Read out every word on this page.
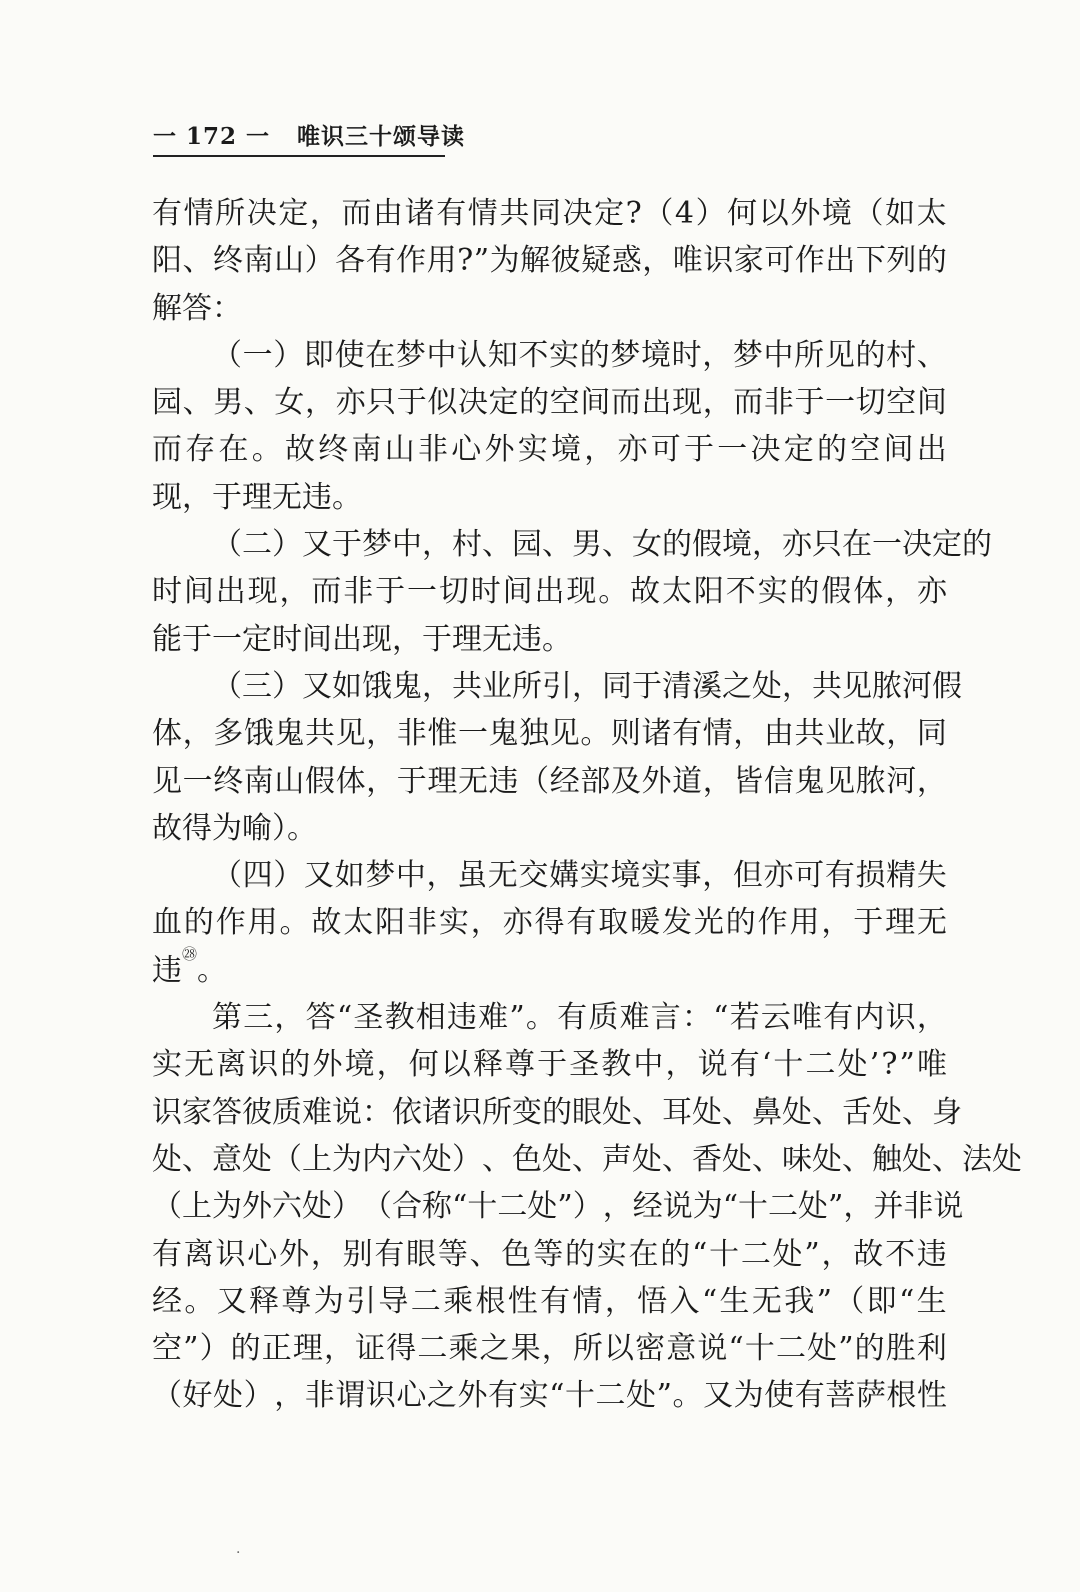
一 172 一 唯识三十颂导读
有 情 所 决 定 ， 而 由 诸 有 情 共 同 决 定 ? （ 4 ） 何 以 外 境 （ 如 太
阳 、 终 南 山 ） 各 有 作 用 ? ” 为 解 彼 疑 惑 ， 唯 识 家 可 作 出 下 列 的
解答：
（ 一 ） 即 使 在 梦 中 认 知 不 实 的 梦 境 时 ， 梦 中 所 见 的 村 、
园 、 男 、 女 ， 亦 只 于 似 决 定 的 空 间 而 出 现 ， 而 非 于 一 切 空 间
而 存 在 。 故 终 南 山 非 心 外 实 境 ， 亦 可 于 一 决 定 的 空 间 出
现，于理无违。
（ 二 ） 又 于 梦 中 ， 村 、 园 、 男 、 女 的 假 境 ， 亦 只 在 一 决 定 的
时 间 出 现 ， 而 非 于 一 切 时 间 出 现 。 故 太 阳 不 实 的 假 体 ， 亦
能于一定时间出现，于理无违。
（ 三 ） 又 如 饿 鬼 ， 共 业 所 引 ， 同 于 清 溪 之 处 ， 共 见 脓 河 假
体 ， 多 饿 鬼 共 见 ， 非 惟 一 鬼 独 见 。 则 诸 有 情 ， 由 共 业 故 ， 同
见 一 终 南 山 假 体 ， 于 理 无 违 （ 经 部 及 外 道 ， 皆 信 鬼 见 脓 河 ，
故得为喻）。
（ 四 ） 又 如 梦 中 ， 虽 无 交 媾 实 境 实 事 ， 但 亦 可 有 损 精 失
血 的 作 用 。 故 太 阳 非 实 ， 亦 得 有 取 暖 发 光 的 作 用 ， 于 理 无
违 ㉘ 。
第 三 ， 答 “ 圣 教 相 违 难 ” 。 有 质 难 言 ： “ 若 云 唯 有 内 识 ，
实 无 离 识 的 外 境 ， 何 以 释 尊 于 圣 教 中 ， 说 有 ‘ 十 二 处 ’ ? ” 唯
识 家 答 彼 质 难 说 ： 依 诸 识 所 变 的 眼 处 、 耳 处 、 鼻 处 、 舌 处 、 身
处 、 意 处 （ 上 为 内 六 处 ） 、 色 处 、 声 处 、 香 处 、 味 处 、 触 处 、 法 处
（ 上 为 外 六 处 ） （ 合 称 “ 十 二 处 ” ） ， 经 说 为 “ 十 二 处 ” ， 并 非 说
有 离 识 心 外 ， 别 有 眼 等 、 色 等 的 实 在 的 “ 十 二 处 ” ， 故 不 违
经 。 又 释 尊 为 引 导 二 乘 根 性 有 情 ， 悟 入 “ 生 无 我 ” （ 即 “ 生
空 ” ） 的 正 理 ， 证 得 二 乘 之 果 ， 所 以 密 意 说 “ 十 二 处 ” 的 胜 利
（ 好 处 ） ， 非 谓 识 心 之 外 有 实 “ 十 二 处 ” 。 又 为 使 有 菩 萨 根 性
·
